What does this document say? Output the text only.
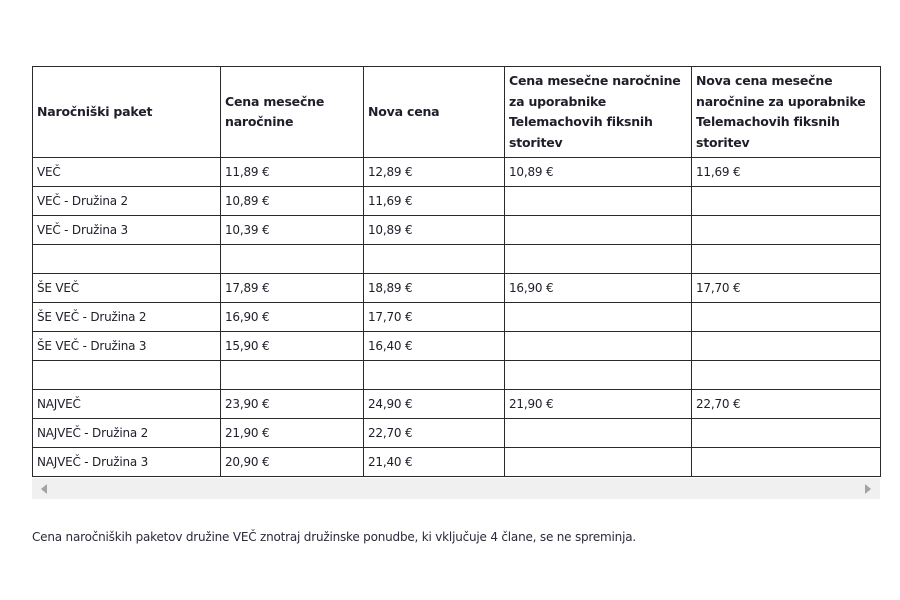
Naročniški paket	Cena mesečne naročnine	Nova cena	Cena mesečne naročnine za uporabnike Telemachovih fiksnih storitev	Nova cena mesečne naročnine za uporabnike Telemachovih fiksnih storitev
VEČ	11,89 €	12,89 €	10,89 €	11,69 €
VEČ - Družina 2	10,89 €	11,69 €		
VEČ - Družina 3	10,39 €	10,89 €		

ŠE VEČ	17,89 €	18,89 €	16,90 €	17,70 €
ŠE VEČ - Družina 2	16,90 €	17,70 €		
ŠE VEČ - Družina 3	15,90 €	16,40 €		

NAJVEČ	23,90 €	24,90 €	21,90 €	22,70 €
NAJVEČ - Družina 2	21,90 €	22,70 €		
NAJVEČ - Družina 3	20,90 €	21,40 €		
Cena naročniških paketov družine VEČ znotraj družinske ponudbe, ki vključuje 4 člane, se ne spreminja.
